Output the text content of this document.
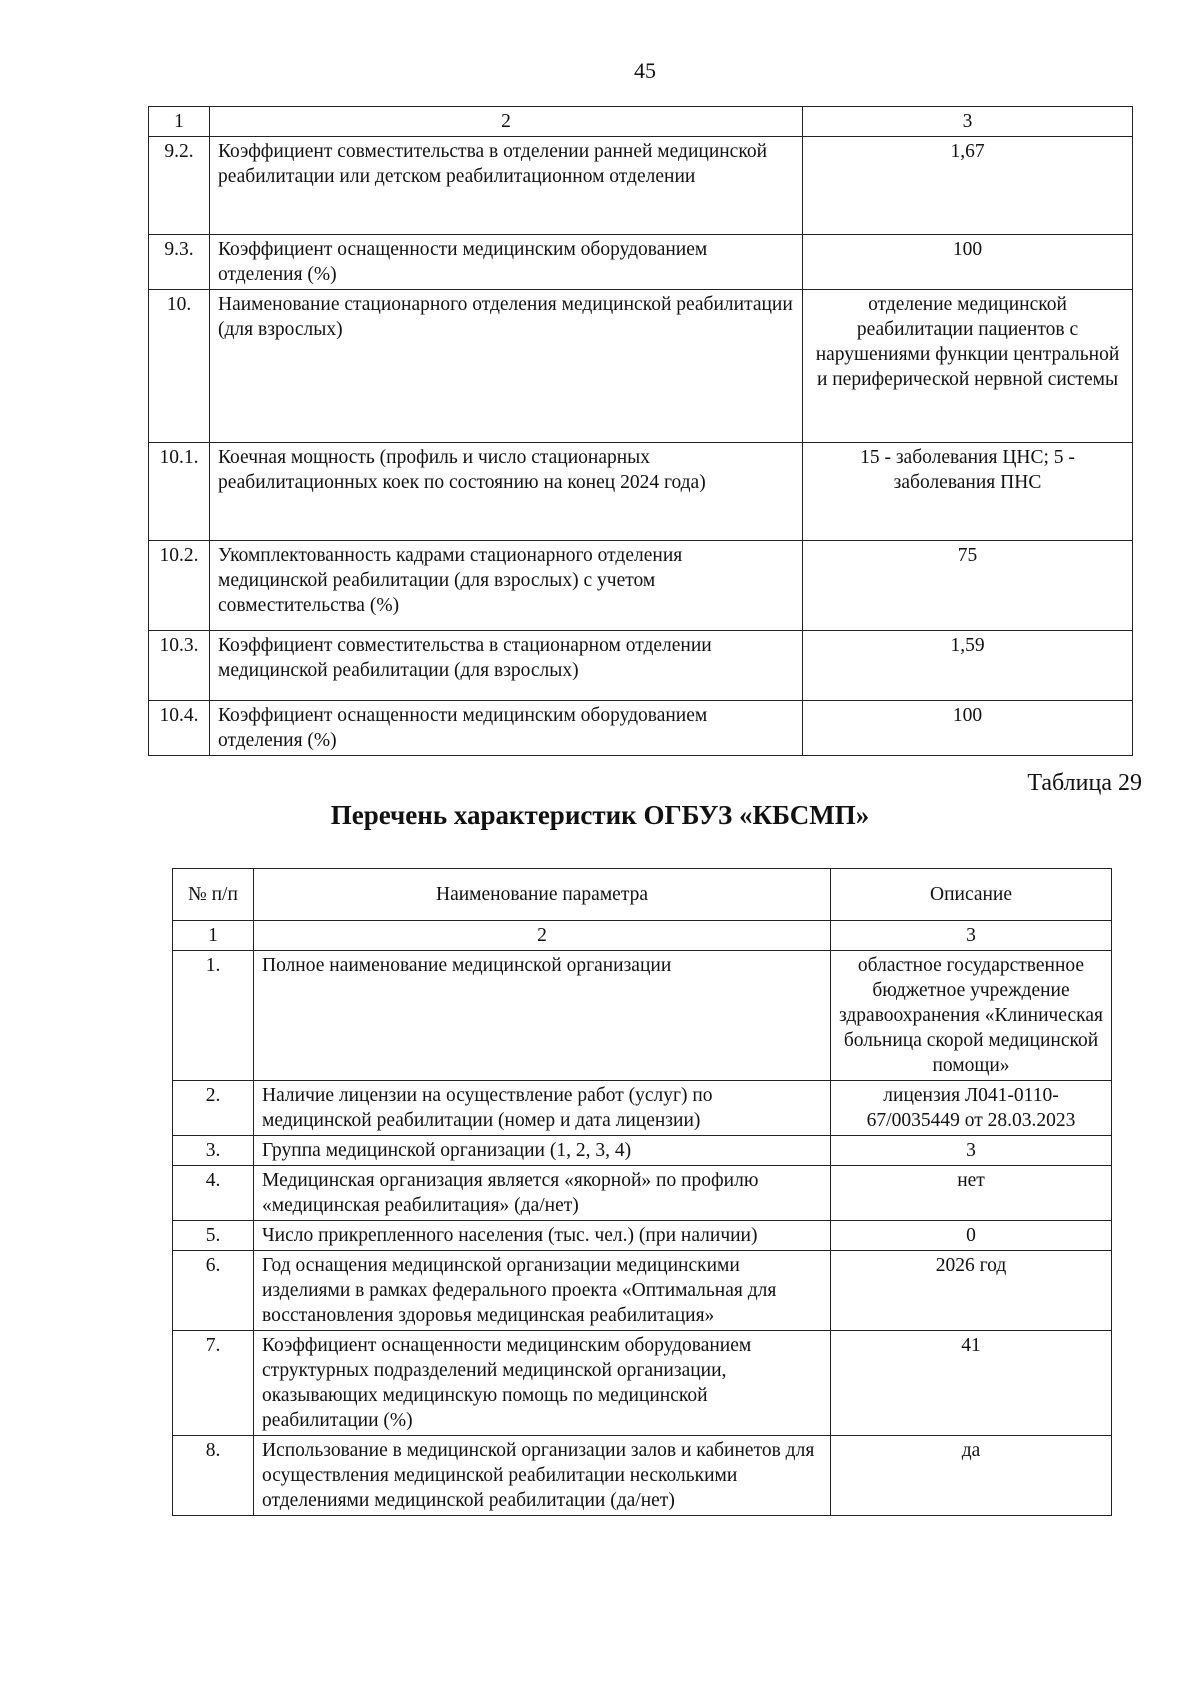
45
1	2	3
9.2.	Коэффициент совместительства в отделении ранней медицинской реабилитации или детском реабилитационном отделении	1,67
9.3.	Коэффициент оснащенности медицинским оборудованием отделения (%)	100
10.	Наименование стационарного отделения медицинской реабилитации (для взрослых)	отделение медицинской реабилитации пациентов с нарушениями функции центральной и периферической нервной системы
10.1.	Коечная мощность (профиль и число стационарных реабилитационных коек по состоянию на конец 2024 года)	15 - заболевания ЦНС; 5 - заболевания ПНС
10.2.	Укомплектованность кадрами стационарного отделения медицинской реабилитации (для взрослых) с учетом совместительства (%)	75
10.3.	Коэффициент совместительства в стационарном отделении медицинской реабилитации (для взрослых)	1,59
10.4.	Коэффициент оснащенности медицинским оборудованием отделения (%)	100
Таблица 29
Перечень характеристик ОГБУЗ «КБСМП»
№ п/п	Наименование параметра	Описание
1	2	3
1.	Полное наименование медицинской организации	областное государственное бюджетное учреждение здравоохранения «Клиническая больница скорой медицинской помощи»
2.	Наличие лицензии на осуществление работ (услуг) по медицинской реабилитации (номер и дата лицензии)	лицензия Л041-0110-67/0035449 от 28.03.2023
3.	Группа медицинской организации (1, 2, 3, 4)	3
4.	Медицинская организация является «якорной» по профилю «медицинская реабилитация» (да/нет)	нет
5.	Число прикрепленного населения (тыс. чел.) (при наличии)	0
6.	Год оснащения медицинской организации медицинскими изделиями в рамках федерального проекта «Оптимальная для восстановления здоровья медицинская реабилитация»	2026 год
7.	Коэффициент оснащенности медицинским оборудованием структурных подразделений медицинской организации, оказывающих медицинскую помощь по медицинской реабилитации (%)	41
8.	Использование в медицинской организации залов и кабинетов для осуществления медицинской реабилитации несколькими отделениями медицинской реабилитации (да/нет)	да
